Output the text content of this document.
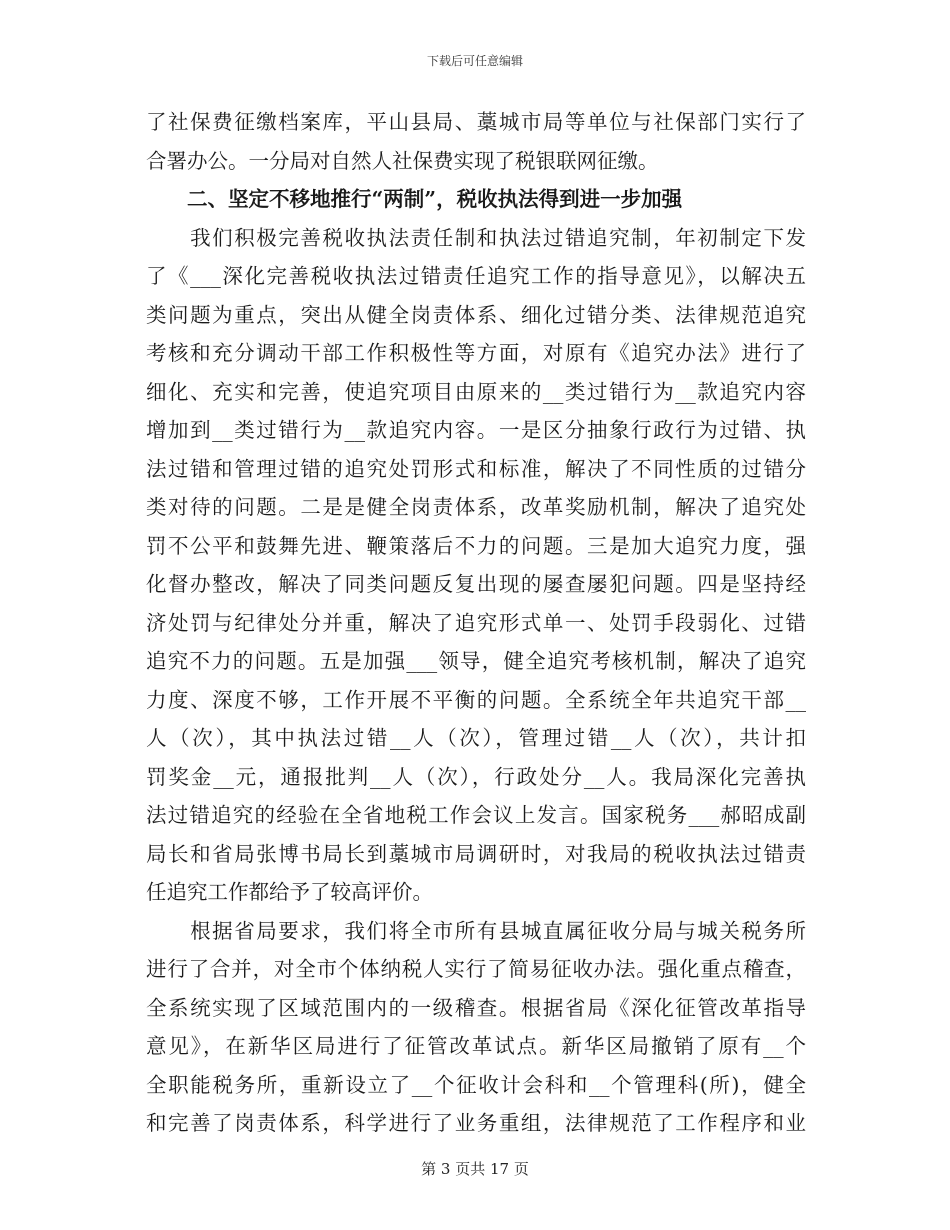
下载后可任意编辑
了社保费征缴档案库，平山县局、藁城市局等单位与社保部门实行了
合署办公。一分局对自然人社保费实现了税银联网征缴。
二、坚定不移地推行“两制”，税收执法得到进一步加强
　　我们积极完善税收执法责任制和执法过错追究制，年初制定下发
了《___深化完善税收执法过错责任追究工作的指导意见》，以解决五
类问题为重点，突出从健全岗责体系、细化过错分类、法律规范追究
考核和充分调动干部工作积极性等方面，对原有《追究办法》进行了
细化、充实和完善，使追究项目由原来的__类过错行为__款追究内容
增加到__类过错行为__款追究内容。一是区分抽象行政行为过错、执
法过错和管理过错的追究处罚形式和标准，解决了不同性质的过错分
类对待的问题。二是是健全岗责体系，改革奖励机制，解决了追究处
罚不公平和鼓舞先进、鞭策落后不力的问题。三是加大追究力度，强
化督办整改，解决了同类问题反复出现的屡查屡犯问题。四是坚持经
济处罚与纪律处分并重，解决了追究形式单一、处罚手段弱化、过错
追究不力的问题。五是加强___领导，健全追究考核机制，解决了追究
力度、深度不够，工作开展不平衡的问题。全系统全年共追究干部__
人（次），其中执法过错__人（次），管理过错__人（次），共计扣
罚奖金__元，通报批判__人（次），行政处分__人。我局深化完善执
法过错追究的经验在全省地税工作会议上发言。国家税务___郝昭成副
局长和省局张博书局长到藁城市局调研时，对我局的税收执法过错责
任追究工作都给予了较高评价。
　　根据省局要求，我们将全市所有县城直属征收分局与城关税务所
进行了合并，对全市个体纳税人实行了简易征收办法。强化重点稽查，
全系统实现了区域范围内的一级稽查。根据省局《深化征管改革指导
意见》，在新华区局进行了征管改革试点。新华区局撤销了原有__个
全职能税务所，重新设立了__个征收计会科和__个管理科(所)，健全
和完善了岗责体系，科学进行了业务重组，法律规范了工作程序和业
第 3 页共 17 页
